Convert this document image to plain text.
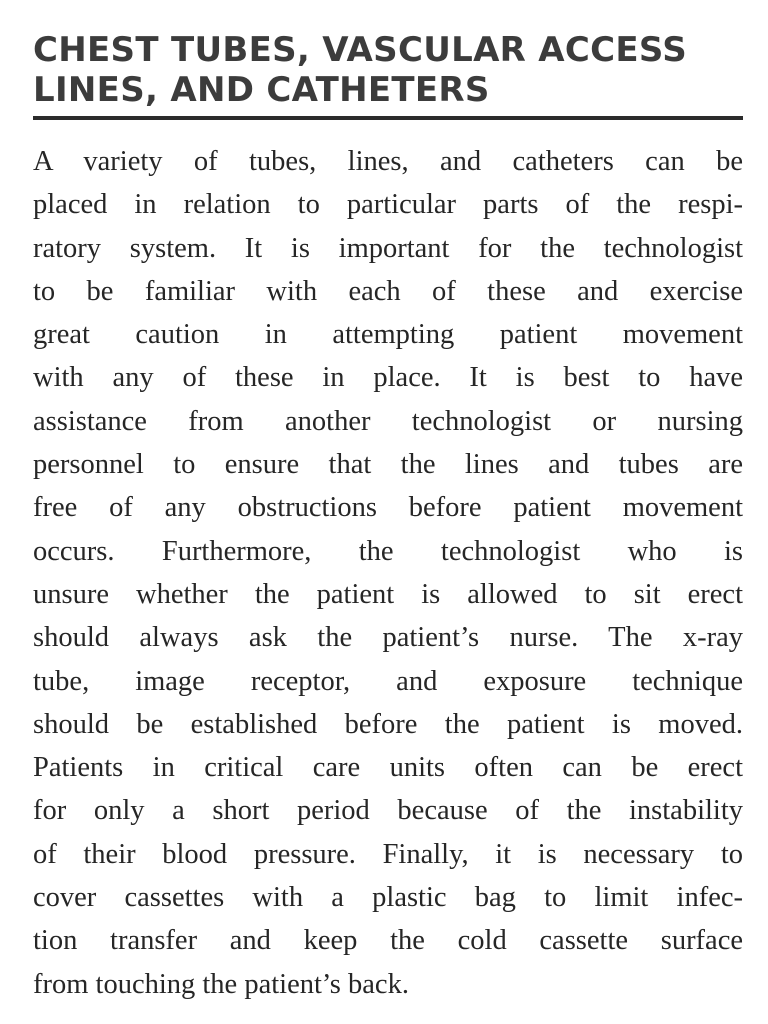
CHEST TUBES, VASCULAR ACCESS
LINES, AND CATHETERS
A variety of tubes, lines, and catheters can be
placed in relation to particular parts of the respi-
ratory system. It is important for the technologist
to be familiar with each of these and exercise
great caution in attempting patient movement
with any of these in place. It is best to have
assistance from another technologist or nursing
personnel to ensure that the lines and tubes are
free of any obstructions before patient movement
occurs. Furthermore, the technologist who is
unsure whether the patient is allowed to sit erect
should always ask the patient’s nurse. The x-ray
tube, image receptor, and exposure technique
should be established before the patient is moved.
Patients in critical care units often can be erect
for only a short period because of the instability
of their blood pressure. Finally, it is necessary to
cover cassettes with a plastic bag to limit infec-
tion transfer and keep the cold cassette surface
from touching the patient’s back.
